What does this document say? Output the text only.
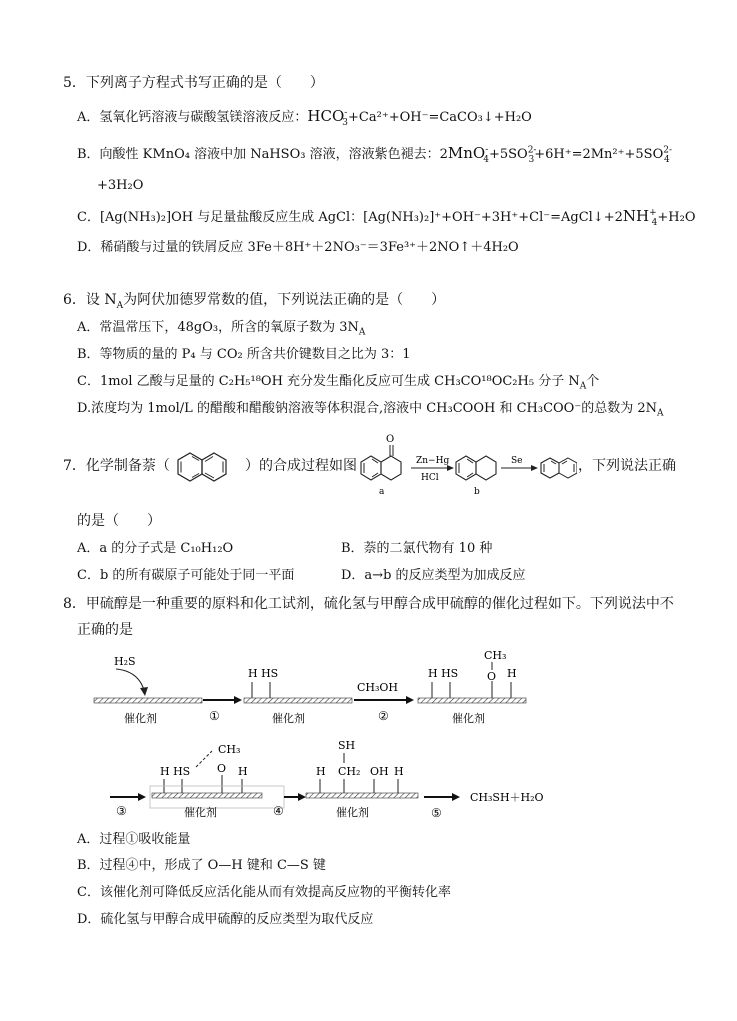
5．下列离子方程式书写正确的是（　　）
A．氢氧化钙溶液与碳酸氢镁溶液反应：$HCO^-_3+Ca^{2+}+OH^-=CaCO_3↓+H_2O$
B．向酸性 KMnO₄ 溶液中加 NaHSO₃ 溶液，溶液紫色褪去：$2MnO^-_4+5SO^{2-}_3+6H^+=2Mn^{2+}+5SO^{2-}_4$
+3H₂O
C．[Ag(NH₃)₂]OH 与足量盐酸反应生成 AgCl：$[Ag(NH_3)_2]^++OH^-+3H^++Cl^-=AgCl↓+2NH^+_4+H_2O$
D．稀硝酸与过量的铁屑反应 3Fe＋8H⁺＋2NO₃⁻＝3Fe³⁺＋2NO↑＋4H₂O
6．设 $N_A$为阿伏加德罗常数的值，下列说法正确的是（　　）
A．常温常压下，48gO₃，所含的氧原子数为 $3N_A$
B．等物质的量的 P₄ 与 CO₂ 所含共价键数目之比为 3：1
C．1mol 乙酸与足量的 C₂H₅¹⁸OH 充分发生酯化反应可生成 CH₃CO¹⁸OC₂H₅ 分子 $N_A$个
D.浓度均为 1mol/L 的醋酸和醋酸钠溶液等体积混合,溶液中 CH₃COOH 和 CH₃COO⁻的总数为 $2N_A$
7．化学制备萘（	）的合成过程如图
O
a
Zn−Hg
HCl
b
Se	，下列说法正确
的是（　　）
A．a 的分子式是 C₁₀H₁₂O	B．萘的二氯代物有 10 种
C．b 的所有碳原子可能处于同一平面	D．a→b 的反应类型为加成反应
8．甲硫醇是一种重要的原料和化工试剂，硫化氢与甲醇合成甲硫醇的催化过程如下。下列说法中不
正确的是
H₂S
催化剂	①
H HS
催化剂
CH₃OH
②
H HS
CH₃
O H
催化剂
③
H HS
CH₃
O H
催化剂	④
H
SH
CH₂ OH H
催化剂	⑤
CH₃SH＋H₂O
A．过程①吸收能量
B．过程④中，形成了 O—H 键和 C—S 键
C．该催化剂可降低反应活化能从而有效提高反应物的平衡转化率
D．硫化氢与甲醇合成甲硫醇的反应类型为取代反应
